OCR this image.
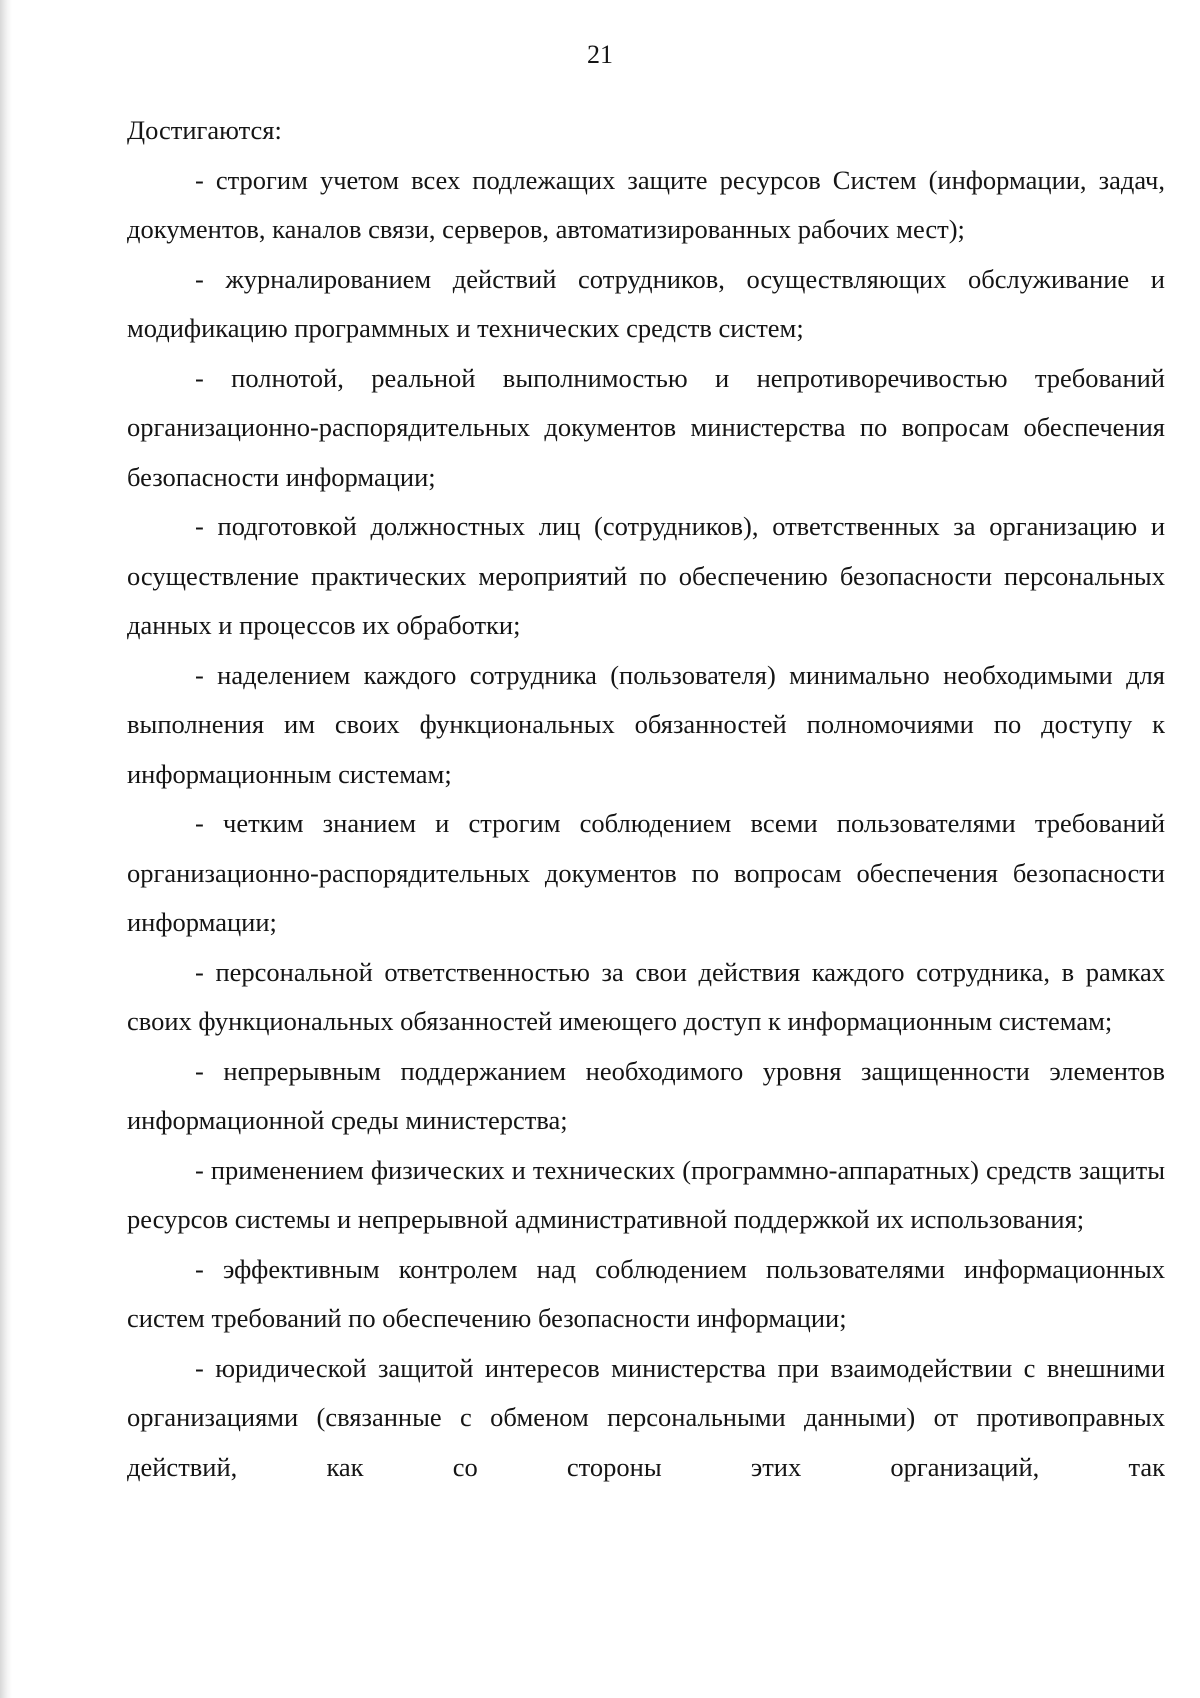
21

Достигаются:

- строгим учетом всех подлежащих защите ресурсов Систем (информации, задач, документов, каналов связи, серверов, автоматизированных рабочих мест);

- журналированием действий сотрудников, осуществляющих обслуживание и модификацию программных и технических средств систем;

- полнотой, реальной выполнимостью и непротиворечивостью требований организационно-распорядительных документов министерства по вопросам обеспечения безопасности информации;

- подготовкой должностных лиц (сотрудников), ответственных за организацию и осуществление практических мероприятий по обеспечению безопасности персональных данных и процессов их обработки;

- наделением каждого сотрудника (пользователя) минимально необходимыми для выполнения им своих функциональных обязанностей полномочиями по доступу к информационным системам;

- четким знанием и строгим соблюдением всеми пользователями требований организационно-распорядительных документов по вопросам обеспечения безопасности информации;

- персональной ответственностью за свои действия каждого сотрудника, в рамках своих функциональных обязанностей имеющего доступ к информационным системам;

- непрерывным поддержанием необходимого уровня защищенности элементов информационной среды министерства;

- применением физических и технических (программно-аппаратных) средств защиты ресурсов системы и непрерывной административной поддержкой их использования;

- эффективным контролем над соблюдением пользователями информационных систем требований по обеспечению безопасности информации;

- юридической защитой интересов министерства при взаимодействии с внешними организациями (связанные с обменом персональными данными) от противоправных действий, как со стороны этих организаций, так
